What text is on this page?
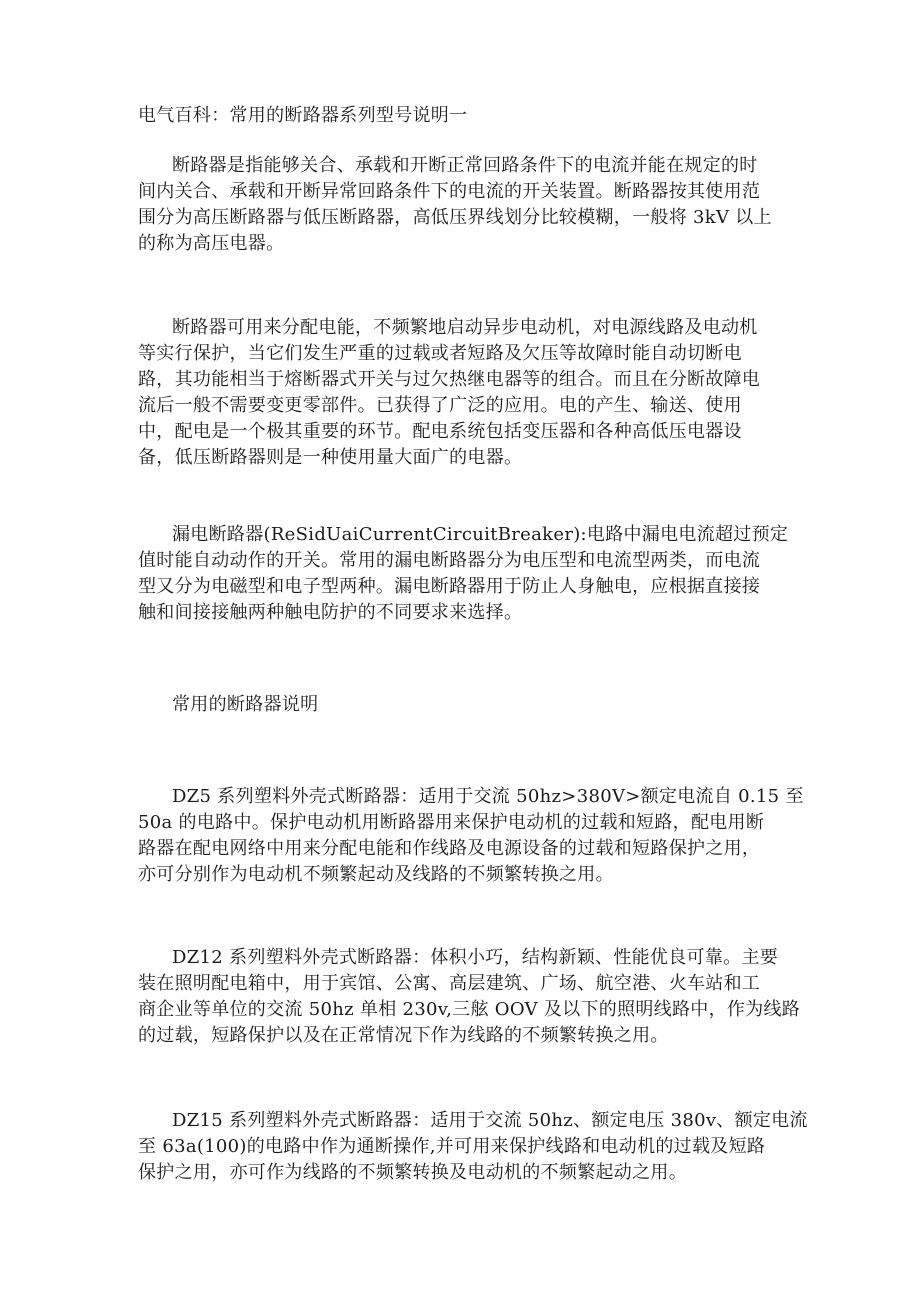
电气百科：常用的断路器系列型号说明一
断路器是指能够关合、承载和开断正常回路条件下的电流并能在规定的时
间内关合、承载和开断异常回路条件下的电流的开关装置。断路器按其使用范
围分为高压断路器与低压断路器，高低压界线划分比较模糊，一般将 3kV 以上
的称为高压电器。
断路器可用来分配电能，不频繁地启动异步电动机，对电源线路及电动机
等实行保护，当它们发生严重的过载或者短路及欠压等故障时能自动切断电
路，其功能相当于熔断器式开关与过欠热继电器等的组合。而且在分断故障电
流后一般不需要变更零部件。已获得了广泛的应用。电的产生、输送、使用
中，配电是一个极其重要的环节。配电系统包括变压器和各种高低压电器设
备，低压断路器则是一种使用量大面广的电器。
漏电断路器(ReSidUaiCurrentCircuitBreaker):电路中漏电电流超过预定
值时能自动动作的开关。常用的漏电断路器分为电压型和电流型两类，而电流
型又分为电磁型和电子型两种。漏电断路器用于防止人身触电，应根据直接接
触和间接接触两种触电防护的不同要求来选择。
常用的断路器说明
DZ5 系列塑料外壳式断路器：适用于交流 50hz>380V>额定电流自 0.15 至
50a 的电路中。保护电动机用断路器用来保护电动机的过载和短路，配电用断
路器在配电网络中用来分配电能和作线路及电源设备的过载和短路保护之用，
亦可分别作为电动机不频繁起动及线路的不频繁转换之用。
DZ12 系列塑料外壳式断路器：体积小巧，结构新颖、性能优良可靠。主要
装在照明配电箱中，用于宾馆、公寓、高层建筑、广场、航空港、火车站和工
商企业等单位的交流 50hz 单相 230v,三舷 OOV 及以下的照明线路中，作为线路
的过载，短路保护以及在正常情况下作为线路的不频繁转换之用。
DZ15 系列塑料外壳式断路器：适用于交流 50hz、额定电压 380v、额定电流
至 63a(100)的电路中作为通断操作,并可用来保护线路和电动机的过载及短路
保护之用，亦可作为线路的不频繁转换及电动机的不频繁起动之用。
